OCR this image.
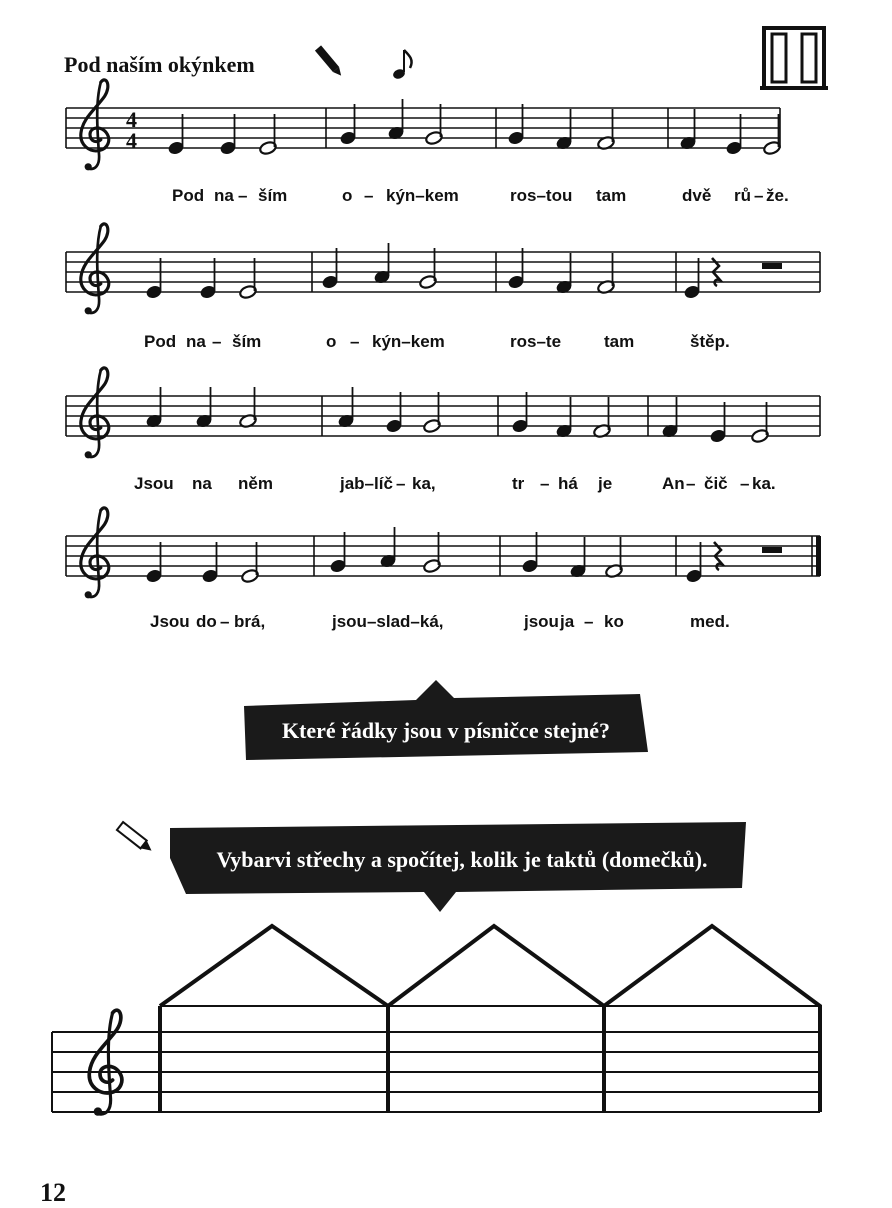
Pod naším okýnkem
4
4
Pod na – ším	o – kýn–kem	ros–tou tam	dvě rů – že.
Pod na – ším	o – kýn–kem	ros–te	tam	štěp.
Jsou na něm	jab–líč – ka,	tr – há je	An – čič – ka.
Jsou do – brá,	jsou–slad–ká,	jsou ja – ko	med.
Které řádky jsou v písničce stejné?
Vybarvi střechy a spočítej, kolik je taktů (domečků).
12
